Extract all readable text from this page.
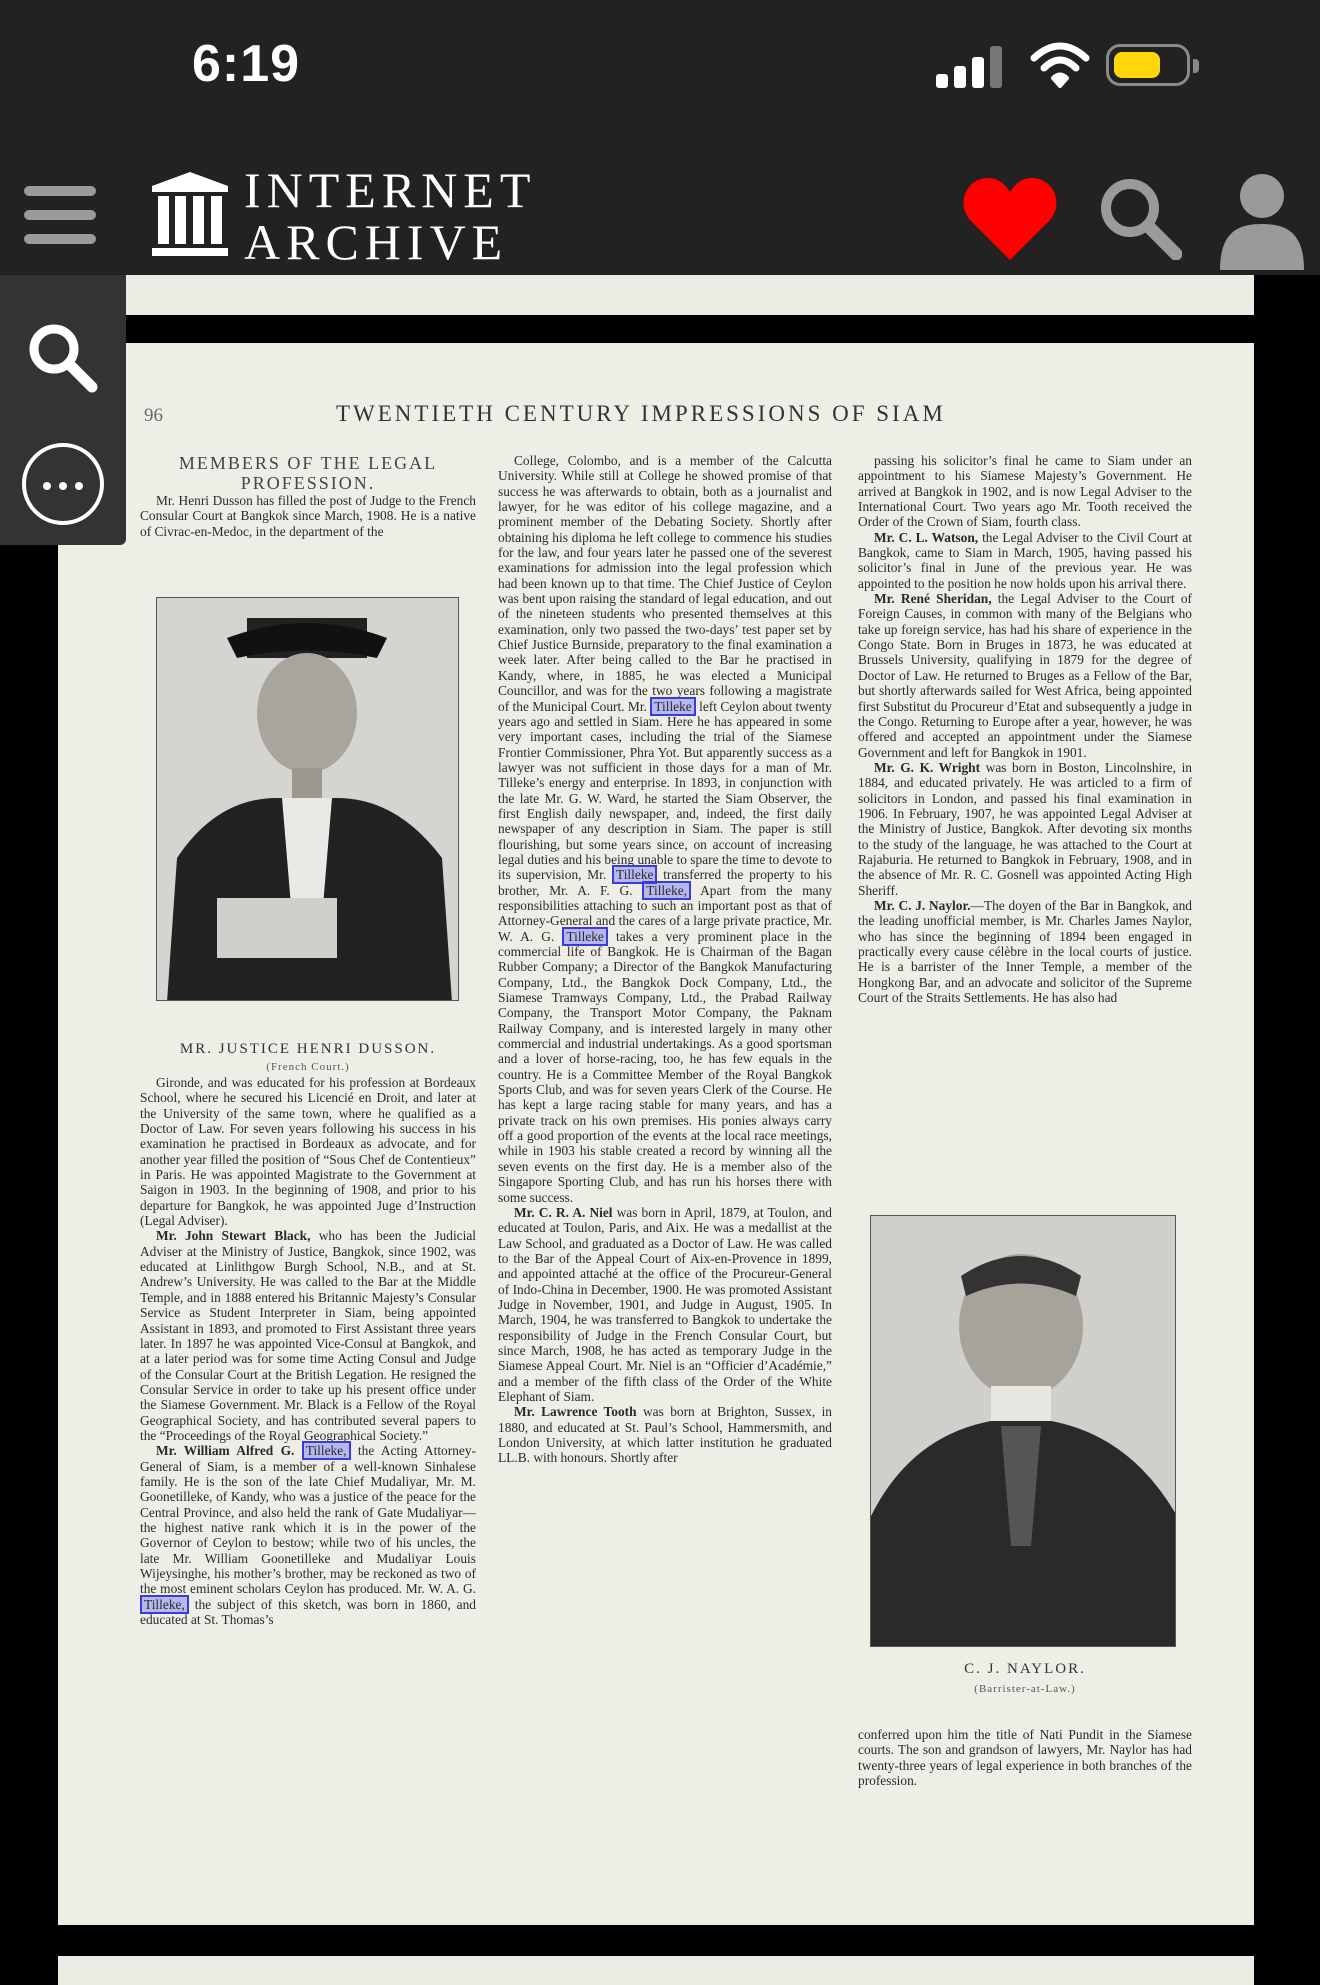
6:19
INTERNET
ARCHIVE
96	TWENTIETH CENTURY IMPRESSIONS OF SIAM

MEMBERS OF THE LEGAL PROFESSION.

Mr. Henri Dusson has filled the post of Judge to the French Consular Court at Bangkok since March, 1908. He is a native of Civrac-en-Medoc, in the department of the

MR. JUSTICE HENRI DUSSON.
(French Court.)

Gironde, and was educated for his profession at Bordeaux School, where he secured his Licencié en Droit, and later at the University of the same town, where he qualified as a Doctor of Law. For seven years following his success in his examination he practised in Bordeaux as advocate, and for another year filled the position of “Sous Chef de Contentieux” in Paris. He was appointed Magistrate to the Government at Saigon in 1903. In the beginning of 1908, and prior to his departure for Bangkok, he was appointed Juge d’Instruction (Legal Adviser).

Mr. John Stewart Black, who has been the Judicial Adviser at the Ministry of Justice, Bangkok, since 1902, was educated at Linlithgow Burgh School, N.B., and at St. Andrew’s University. He was called to the Bar at the Middle Temple, and in 1888 entered his Britannic Majesty’s Consular Service as Student Interpreter in Siam, being appointed Assistant in 1893, and promoted to First Assistant three years later. In 1897 he was appointed Vice-Consul at Bangkok, and at a later period was for some time Acting Consul and Judge of the Consular Court at the British Legation. He resigned the Consular Service in order to take up his present office under the Siamese Government. Mr. Black is a Fellow of the Royal Geographical Society, and has contributed several papers to the “Proceedings of the Royal Geographical Society.”

Mr. William Alfred G. Tilleke, the Acting Attorney-General of Siam, is a member of a well-known Sinhalese family. He is the son of the late Chief Mudaliyar, Mr. M. Goonetilleke, of Kandy, who was a justice of the peace for the Central Province, and also held the rank of Gate Mudaliyar—the highest native rank which it is in the power of the Governor of Ceylon to bestow; while two of his uncles, the late Mr. William Goonetilleke and Mudaliyar Louis Wijeysinghe, his mother’s brother, may be reckoned as two of the most eminent scholars Ceylon has produced. Mr. W. A. G. Tilleke, the subject of this sketch, was born in 1860, and educated at St. Thomas’s

College, Colombo, and is a member of the Calcutta University. While still at College he showed promise of that success he was afterwards to obtain, both as a journalist and lawyer, for he was editor of his college magazine, and a prominent member of the Debating Society. Shortly after obtaining his diploma he left college to commence his studies for the law, and four years later he passed one of the severest examinations for admission into the legal profession which had been known up to that time. The Chief Justice of Ceylon was bent upon raising the standard of legal education, and out of the nineteen students who presented themselves at this examination, only two passed the two-days’ test paper set by Chief Justice Burnside, preparatory to the final examination a week later. After being called to the Bar he practised in Kandy, where, in 1885, he was elected a Municipal Councillor, and was for the two years following a magistrate of the Municipal Court. Mr. Tilleke left Ceylon about twenty years ago and settled in Siam. Here he has appeared in some very important cases, including the trial of the Siamese Frontier Commissioner, Phra Yot. But apparently success as a lawyer was not sufficient in those days for a man of Mr. Tilleke’s energy and enterprise. In 1893, in conjunction with the late Mr. G. W. Ward, he started the Siam Observer, the first English daily newspaper, and, indeed, the first daily newspaper of any description in Siam. The paper is still flourishing, but some years since, on account of increasing legal duties and his being unable to spare the time to devote to its supervision, Mr. Tilleke transferred the property to his brother, Mr. A. F. G. Tilleke, Apart from the many responsibilities attaching to such an important post as that of Attorney-General and the cares of a large private practice, Mr. W. A. G. Tilleke takes a very prominent place in the commercial life of Bangkok. He is Chairman of the Bagan Rubber Company; a Director of the Bangkok Manufacturing Company, Ltd., the Bangkok Dock Company, Ltd., the Siamese Tramways Company, Ltd., the Prabad Railway Company, the Transport Motor Company, the Paknam Railway Company, and is interested largely in many other commercial and industrial undertakings. As a good sportsman and a lover of horse-racing, too, he has few equals in the country. He is a Committee Member of the Royal Bangkok Sports Club, and was for seven years Clerk of the Course. He has kept a large racing stable for many years, and has a private track on his own premises. His ponies always carry off a good proportion of the events at the local race meetings, while in 1903 his stable created a record by winning all the seven events on the first day. He is a member also of the Singapore Sporting Club, and has run his horses there with some success.

Mr. C. R. A. Niel was born in April, 1879, at Toulon, and educated at Toulon, Paris, and Aix. He was a medallist at the Law School, and graduated as a Doctor of Law. He was called to the Bar of the Appeal Court of Aix-en-Provence in 1899, and appointed attaché at the office of the Procureur-General of Indo-China in December, 1900. He was promoted Assistant Judge in November, 1901, and Judge in August, 1905. In March, 1904, he was transferred to Bangkok to undertake the responsibility of Judge in the French Consular Court, but since March, 1908, he has acted as temporary Judge in the Siamese Appeal Court. Mr. Niel is an “Officier d’Académie,” and a member of the fifth class of the Order of the White Elephant of Siam.

Mr. Lawrence Tooth was born at Brighton, Sussex, in 1880, and educated at St. Paul’s School, Hammersmith, and London University, at which latter institution he graduated LL.B. with honours. Shortly after

passing his solicitor’s final he came to Siam under an appointment to his Siamese Majesty’s Government. He arrived at Bangkok in 1902, and is now Legal Adviser to the International Court. Two years ago Mr. Tooth received the Order of the Crown of Siam, fourth class.

Mr. C. L. Watson, the Legal Adviser to the Civil Court at Bangkok, came to Siam in March, 1905, having passed his solicitor’s final in June of the previous year. He was appointed to the position he now holds upon his arrival there.

Mr. René Sheridan, the Legal Adviser to the Court of Foreign Causes, in common with many of the Belgians who take up foreign service, has had his share of experience in the Congo State. Born in Bruges in 1873, he was educated at Brussels University, qualifying in 1879 for the degree of Doctor of Law. He returned to Bruges as a Fellow of the Bar, but shortly afterwards sailed for West Africa, being appointed first Substitut du Procureur d’Etat and subsequently a judge in the Congo. Returning to Europe after a year, however, he was offered and accepted an appointment under the Siamese Government and left for Bangkok in 1901.

Mr. G. K. Wright was born in Boston, Lincolnshire, in 1884, and educated privately. He was articled to a firm of solicitors in London, and passed his final examination in 1906. In February, 1907, he was appointed Legal Adviser at the Ministry of Justice, Bangkok. After devoting six months to the study of the language, he was attached to the Court at Rajaburia. He returned to Bangkok in February, 1908, and in the absence of Mr. R. C. Gosnell was appointed Acting High Sheriff.

Mr. C. J. Naylor.—The doyen of the Bar in Bangkok, and the leading unofficial member, is Mr. Charles James Naylor, who has since the beginning of 1894 been engaged in practically every cause célèbre in the local courts of justice. He is a barrister of the Inner Temple, a member of the Hongkong Bar, and an advocate and solicitor of the Supreme Court of the Straits Settlements. He has also had

C. J. NAYLOR.
(Barrister-at-Law.)

conferred upon him the title of Nati Pundit in the Siamese courts. The son and grandson of lawyers, Mr. Naylor has had twenty-three years of legal experience in both branches of the profession.
